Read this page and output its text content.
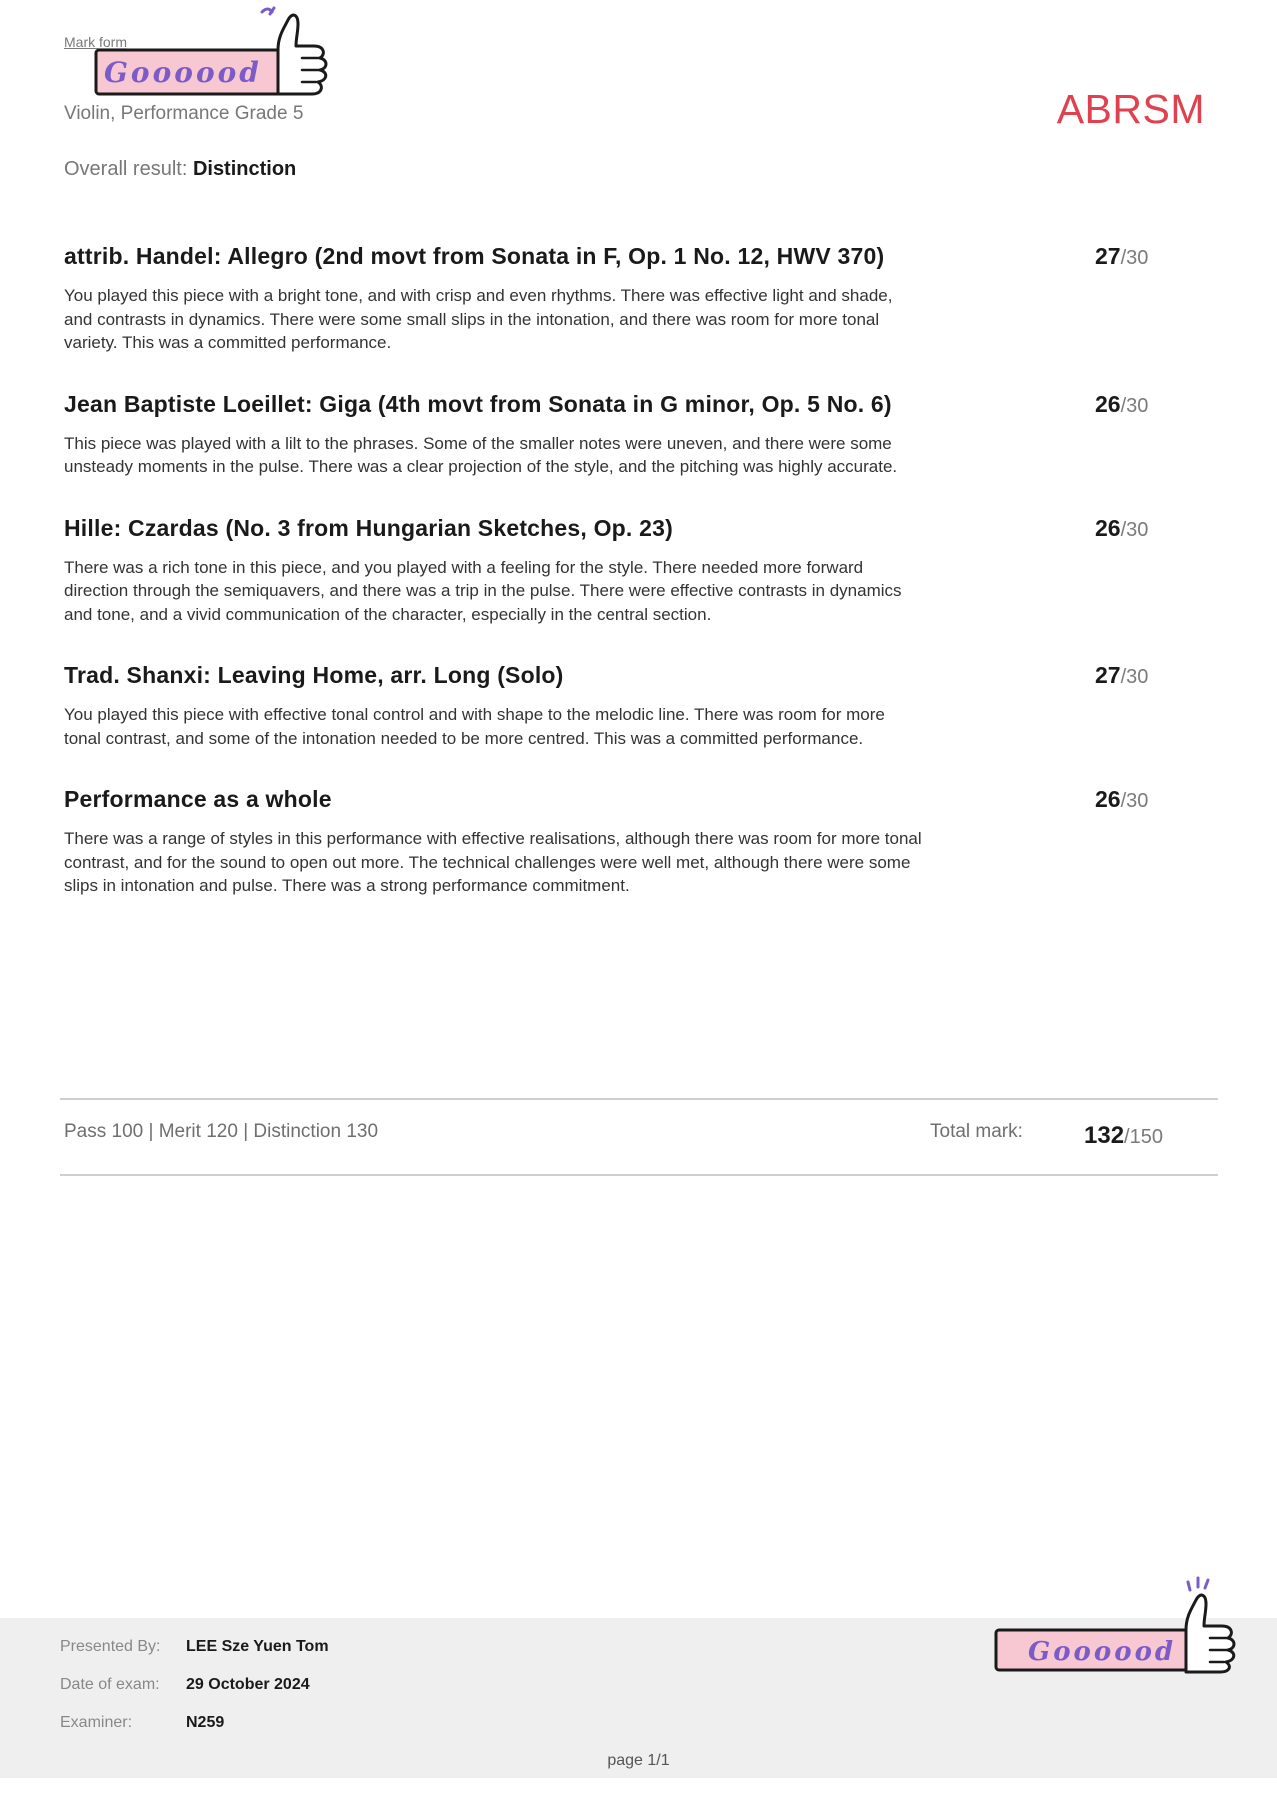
Goooood
Mark form
Violin, Performance Grade 5	ABRSM
Overall result: Distinction
attrib. Handel: Allegro (2nd movt from Sonata in F, Op. 1 No. 12, HWV 370)
You played this piece with a bright tone, and with crisp and even rhythms. There was effective light and shade, and contrasts in dynamics. There were some small slips in the intonation, and there was room for more tonal variety. This was a committed performance.
27/30
Jean Baptiste Loeillet: Giga (4th movt from Sonata in G minor, Op. 5 No. 6)
This piece was played with a lilt to the phrases. Some of the smaller notes were uneven, and there were some unsteady moments in the pulse. There was a clear projection of the style, and the pitching was highly accurate.
26/30
Hille: Czardas (No. 3 from Hungarian Sketches, Op. 23)
There was a rich tone in this piece, and you played with a feeling for the style. There needed more forward direction through the semiquavers, and there was a trip in the pulse. There were effective contrasts in dynamics and tone, and a vivid communication of the character, especially in the central section.
26/30
Trad. Shanxi: Leaving Home, arr. Long (Solo)
You played this piece with effective tonal control and with shape to the melodic line. There was room for more tonal contrast, and some of the intonation needed to be more centred. This was a committed performance.
27/30
Performance as a whole
There was a range of styles in this performance with effective realisations, although there was room for more tonal contrast, and for the sound to open out more. The technical challenges were well met, although there were some slips in intonation and pulse. There was a strong performance commitment.
26/30
Pass 100 | Merit 120 | Distinction 130	Total mark:	132/150
Presented By: LEE Sze Yuen Tom
Date of exam: 29 October 2024
Examiner:	N259
page 1/1
Goooood
